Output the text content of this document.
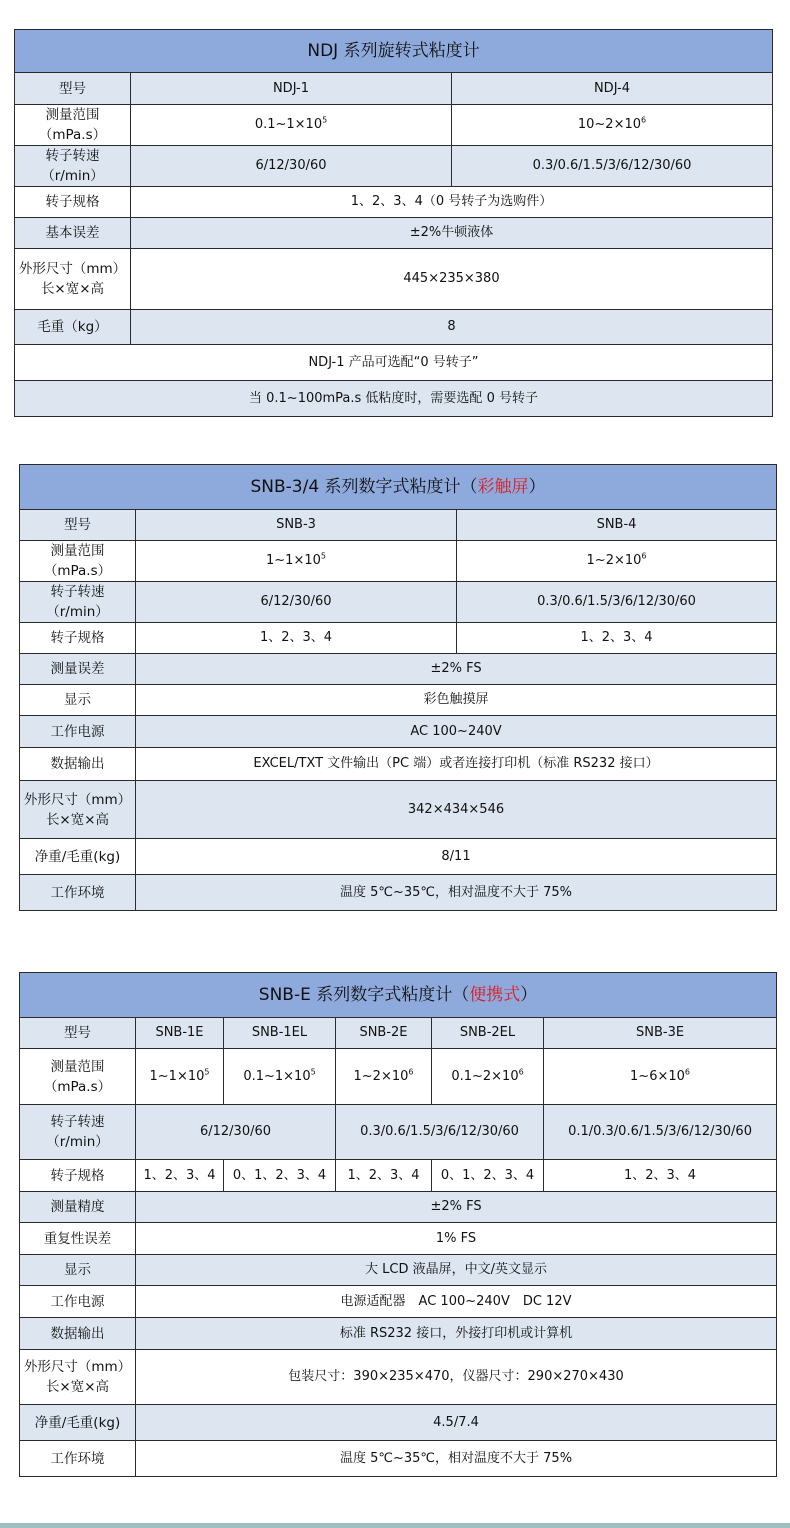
NDJ 系列旋转式粘度计		
型号	NDJ-1	NDJ-4
测量范围
（mPa.s）	$0.1\sim 1\times 10^5$	$10\sim 2\times 10^6$
转子转速
（r/min）	6/12/30/60	0.3/0.6/1.5/3/6/12/30/60
转子规格	1、2、3、4（0 号转子为选购件）	
基本误差	±2%牛顿液体	
外形尺寸（mm）
长×宽×高	445×235×380	
毛重（kg）	8	
NDJ-1 产品可选配“0 号转子”		
当 0.1~100mPa.s 低粘度时，需要选配 0 号转子		
SNB-3/4 系列数字式粘度计（彩触屏）		
型号	SNB-3	SNB-4
测量范围
（mPa.s）	$1\sim 1\times 10^5$	$1\sim 2\times 10^6$
转子转速
（r/min）	6/12/30/60	0.3/0.6/1.5/3/6/12/30/60
转子规格	1、2、3、4	1、2、3、4
测量误差	±2% FS	
显示	彩色触摸屏	
工作电源	AC 100~240V	
数据输出	EXCEL/TXT 文件输出（PC 端）或者连接打印机（标准 RS232 接口）	
外形尺寸（mm）
长×宽×高	342×434×546	
净重/毛重(kg)	8/11	
工作环境	温度 5℃~35℃，相对温度不大于 75%	
SNB-E 系列数字式粘度计（便携式）					
型号	SNB-1E	SNB-1EL	SNB-2E	SNB-2EL	SNB-3E
测量范围
（mPa.s）	$1\sim 1\times 10^5$	$0.1\sim 1\times 10^5$	$1\sim 2\times 10^6$	$0.1\sim 2\times 10^6$	$1\sim 6\times 10^6$
转子转速
（r/min）	6/12/30/60		0.3/0.6/1.5/3/6/12/30/60		0.1/0.3/0.6/1.5/3/6/12/30/60
转子规格	1、2、3、4	0、1、2、3、4	1、2、3、4	0、1、2、3、4	1、2、3、4
测量精度	±2% FS				
重复性误差	1% FS				
显示	大 LCD 液晶屏，中文/英文显示				
工作电源	电源适配器　AC 100~240V　DC 12V				
数据输出	标准 RS232 接口，外接打印机或计算机				
外形尺寸（mm）
长×宽×高	包装尺寸：390×235×470，仪器尺寸：290×270×430				
净重/毛重(kg)	4.5/7.4				
工作环境	温度 5℃~35℃，相对温度不大于 75%				
